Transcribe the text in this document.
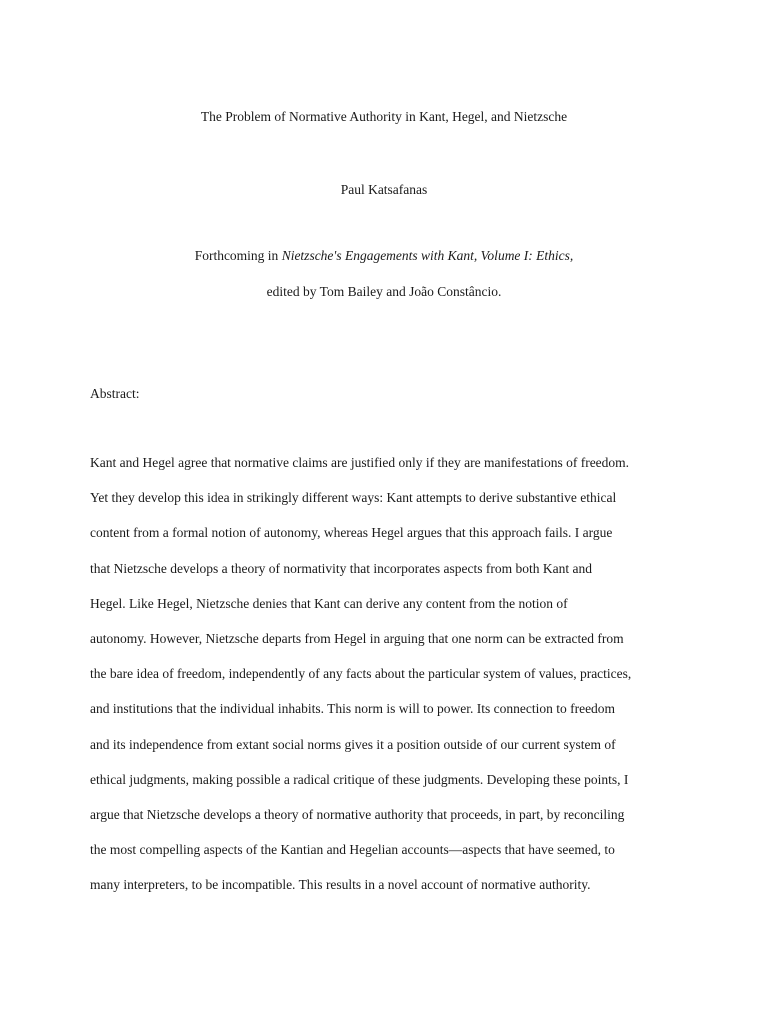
The Problem of Normative Authority in Kant, Hegel, and Nietzsche
Paul Katsafanas
Forthcoming in Nietzsche's Engagements with Kant, Volume I: Ethics,
edited by Tom Bailey and João Constâncio.
Abstract:
Kant and Hegel agree that normative claims are justified only if they are manifestations of freedom.
Yet they develop this idea in strikingly different ways: Kant attempts to derive substantive ethical
content from a formal notion of autonomy, whereas Hegel argues that this approach fails. I argue
that Nietzsche develops a theory of normativity that incorporates aspects from both Kant and
Hegel. Like Hegel, Nietzsche denies that Kant can derive any content from the notion of
autonomy. However, Nietzsche departs from Hegel in arguing that one norm can be extracted from
the bare idea of freedom, independently of any facts about the particular system of values, practices,
and institutions that the individual inhabits. This norm is will to power. Its connection to freedom
and its independence from extant social norms gives it a position outside of our current system of
ethical judgments, making possible a radical critique of these judgments. Developing these points, I
argue that Nietzsche develops a theory of normative authority that proceeds, in part, by reconciling
the most compelling aspects of the Kantian and Hegelian accounts—aspects that have seemed, to
many interpreters, to be incompatible. This results in a novel account of normative authority.
